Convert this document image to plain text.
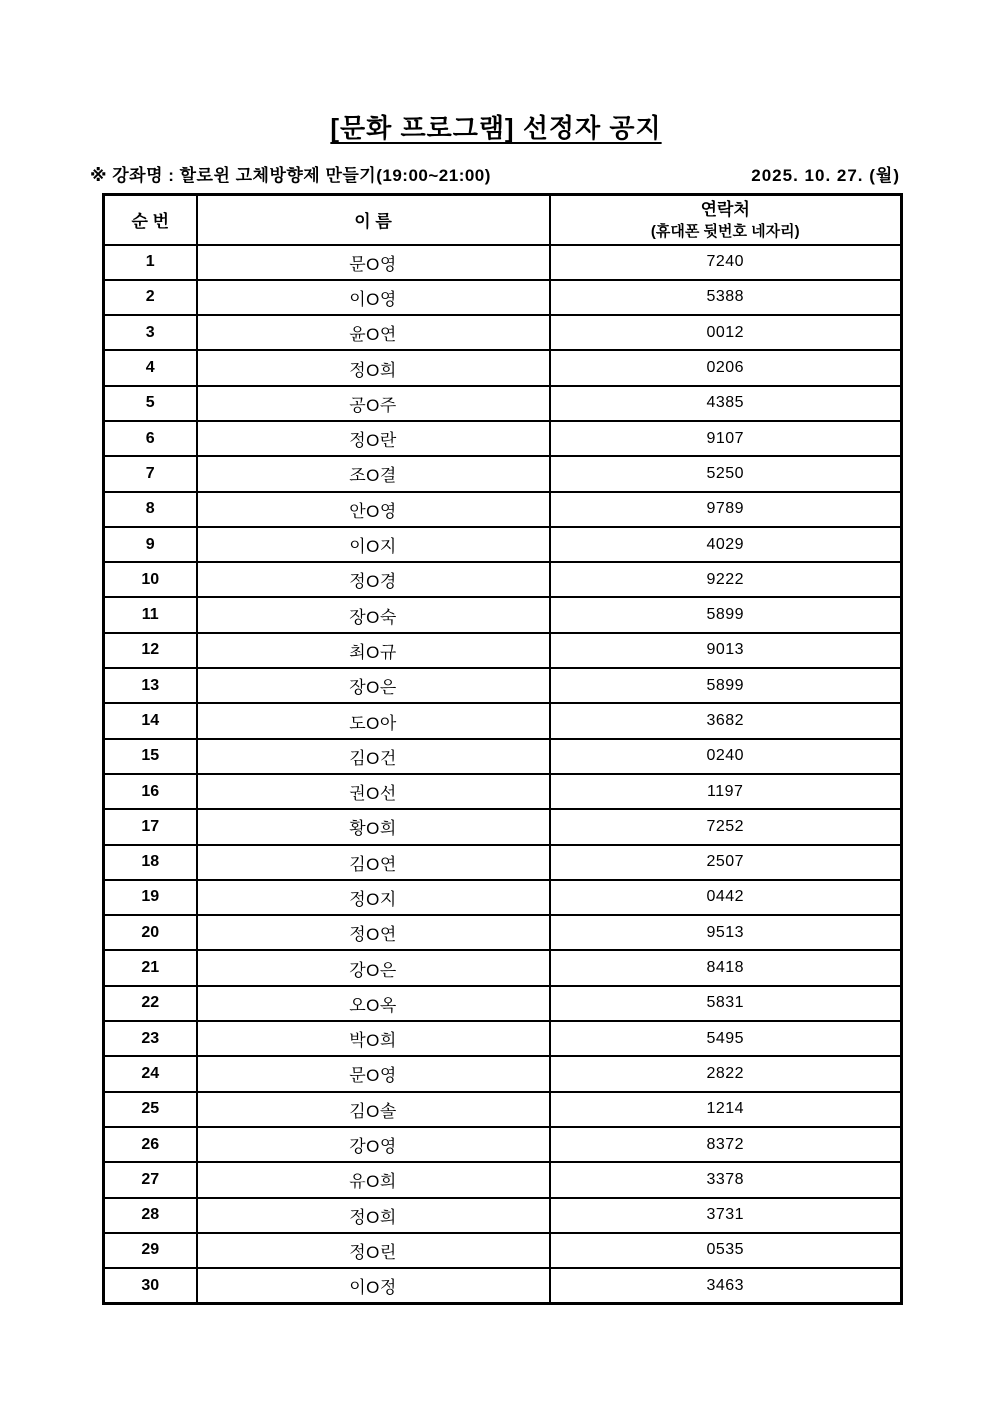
[문화 프로그램] 선정자 공지
※ 강좌명 : 할로윈 고체방향제 만들기(19:00~21:00)	2025. 10. 27. (월)
순 번	이 름	연락처
(휴대폰 뒷번호 네자리)

1	문O영	7240
2	이O영	5388
3	윤O연	0012
4	정O희	0206
5	공O주	4385
6	정O란	9107
7	조O결	5250
8	안O영	9789
9	이O지	4029
10	정O경	9222
11	장O숙	5899
12	최O규	9013
13	장O은	5899
14	도O아	3682
15	김O건	0240
16	권O선	1197
17	황O희	7252
18	김O연	2507
19	정O지	0442
20	정O연	9513
21	강O은	8418
22	오O옥	5831
23	박O희	5495
24	문O영	2822
25	김O솔	1214
26	강O영	8372
27	유O희	3378
28	정O희	3731
29	정O린	0535
30	이O정	3463
